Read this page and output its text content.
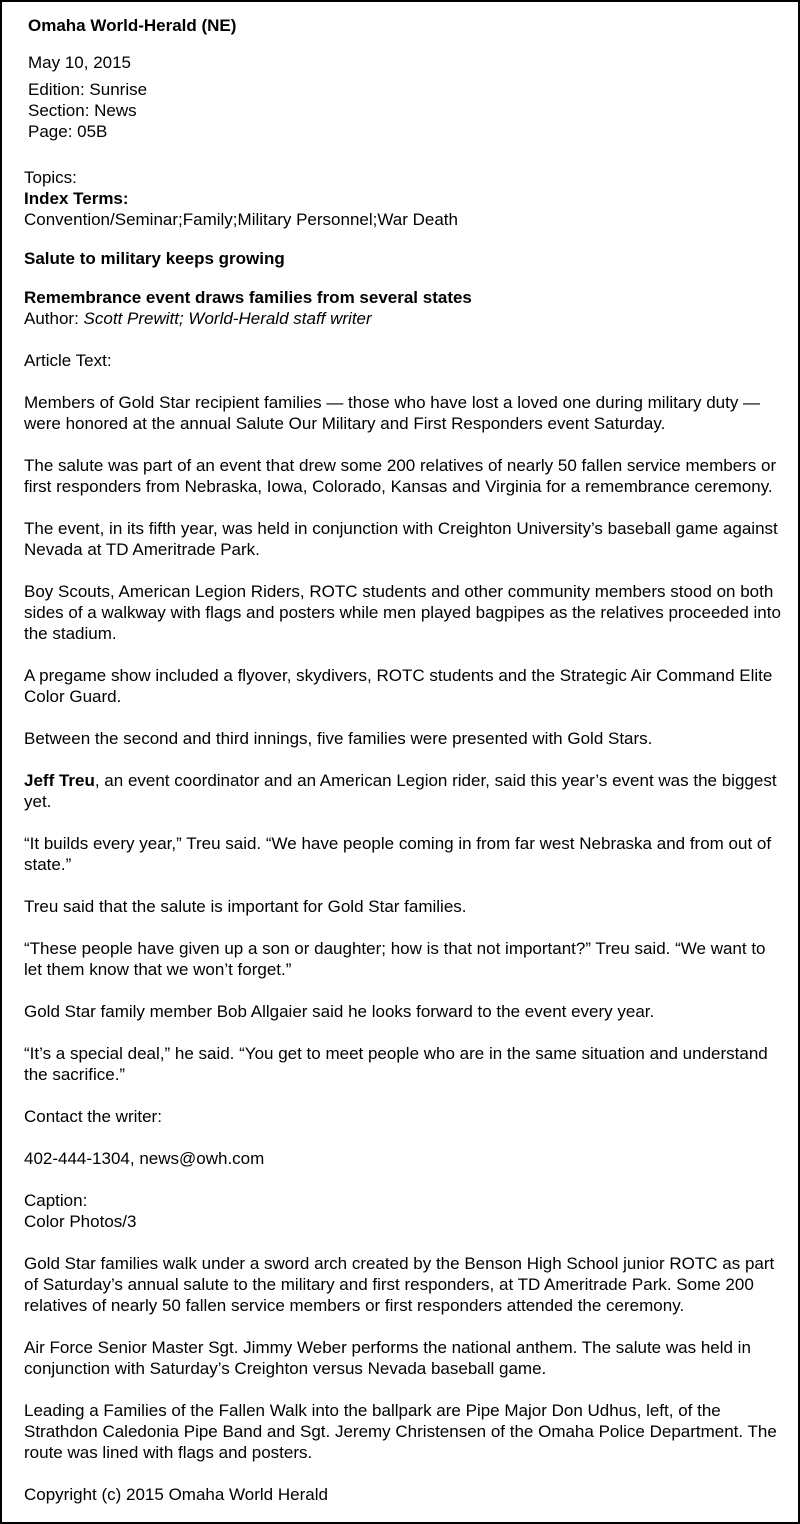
Omaha World-Herald (NE)

May 10, 2015

Edition: Sunrise

Section: News

Page: 05B

Topics:

Index Terms:

Convention/Seminar;Family;Military Personnel;War Death

Salute to military keeps growing

Remembrance event draws families from several states

Author: Scott Prewitt; World-Herald staff writer

Article Text:

Members of Gold Star recipient families — those who have lost a loved one during military duty — were honored at the annual Salute Our Military and First Responders event Saturday.

The salute was part of an event that drew some 200 relatives of nearly 50 fallen service members or first responders from Nebraska, Iowa, Colorado, Kansas and Virginia for a remembrance ceremony.

The event, in its fifth year, was held in conjunction with Creighton University’s baseball game against Nevada at TD Ameritrade Park.

Boy Scouts, American Legion Riders, ROTC students and other community members stood on both sides of a walkway with flags and posters while men played bagpipes as the relatives proceeded into the stadium.

A pregame show included a flyover, skydivers, ROTC students and the Strategic Air Command Elite Color Guard.

Between the second and third innings, five families were presented with Gold Stars.

Jeff Treu, an event coordinator and an American Legion rider, said this year’s event was the biggest yet.

“It builds every year,” Treu said. “We have people coming in from far west Nebraska and from out of state.”

Treu said that the salute is important for Gold Star families.

“These people have given up a son or daughter; how is that not important?” Treu said. “We want to let them know that we won’t forget.”

Gold Star family member Bob Allgaier said he looks forward to the event every year.

“It’s a special deal,” he said. “You get to meet people who are in the same situation and understand the sacrifice.”

Contact the writer:

402-444-1304, news@owh.com

Caption:

Color Photos/3

Gold Star families walk under a sword arch created by the Benson High School junior ROTC as part of Saturday’s annual salute to the military and first responders, at TD Ameritrade Park. Some 200 relatives of nearly 50 fallen service members or first responders attended the ceremony.

Air Force Senior Master Sgt. Jimmy Weber performs the national anthem. The salute was held in conjunction with Saturday’s Creighton versus Nevada baseball game.

Leading a Families of the Fallen Walk into the ballpark are Pipe Major Don Udhus, left, of the Strathdon Caledonia Pipe Band and Sgt. Jeremy Christensen of the Omaha Police Department. The route was lined with flags and posters.

Copyright (c) 2015 Omaha World Herald
